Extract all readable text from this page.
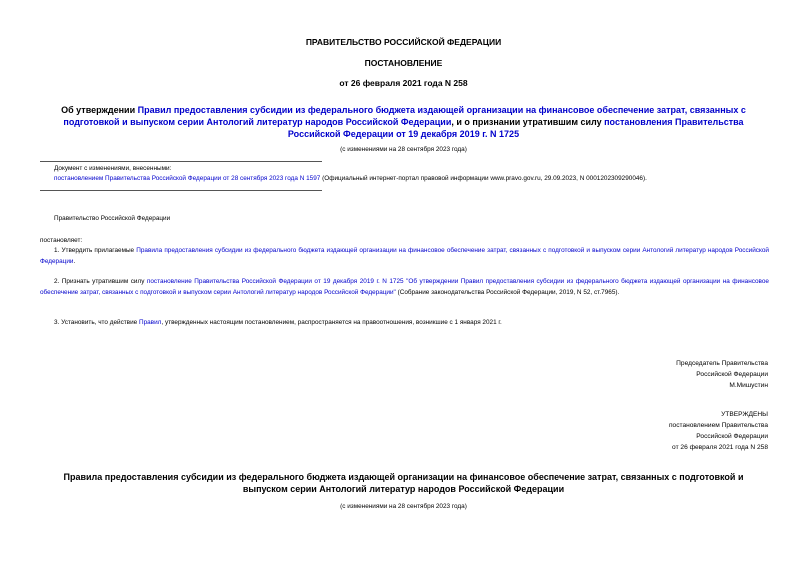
ПРАВИТЕЛЬСТВО РОССИЙСКОЙ ФЕДЕРАЦИИ
ПОСТАНОВЛЕНИЕ
от 26 февраля 2021 года N 258
Об утверждении Правил предоставления субсидии из федерального бюджета издающей организации на финансовое обеспечение затрат, связанных с подготовкой и выпуском серии Антологий литератур народов Российской Федерации, и о признании утратившим силу постановления Правительства Российской Федерации от 19 декабря 2019 г. N 1725
(с изменениями на 28 сентября 2023 года)
Документ с изменениями, внесенными:
постановлением Правительства Российской Федерации от 28 сентября 2023 года N 1597 (Официальный интернет-портал правовой информации www.pravo.gov.ru, 29.09.2023, N 0001202309290046).
Правительство Российской Федерации
постановляет:
1. Утвердить прилагаемые Правила предоставления субсидии из федерального бюджета издающей организации на финансовое обеспечение затрат, связанных с подготовкой и выпуском серии Антологий литератур народов Российской Федерации.
2. Признать утратившим силу постановление Правительства Российской Федерации от 19 декабря 2019 г. N 1725 "Об утверждении Правил предоставления субсидии из федерального бюджета издающей организации на финансовое обеспечение затрат, связанных с подготовкой и выпуском серии Антологий литератур народов Российской Федерации" (Собрание законодательства Российской Федерации, 2019, N 52, ст.7965).
3. Установить, что действие Правил, утвержденных настоящим постановлением, распространяется на правоотношения, возникшие с 1 января 2021 г.
Председатель Правительства
Российской Федерации
М.Мишустин
УТВЕРЖДЕНЫ
постановлением Правительства
Российской Федерации
от 26 февраля 2021 года N 258
Правила предоставления субсидии из федерального бюджета издающей организации на финансовое обеспечение затрат, связанных с подготовкой и выпуском серии Антологий литератур народов Российской Федерации
(с изменениями на 28 сентября 2023 года)
